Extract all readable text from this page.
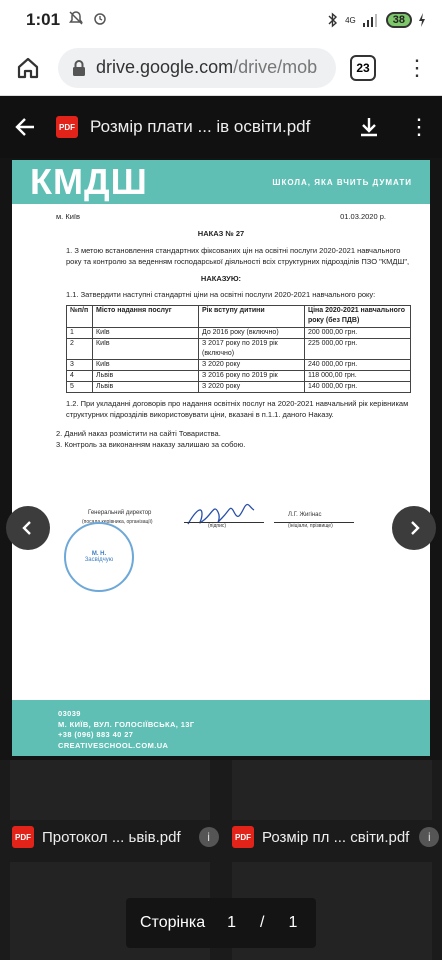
1:01
	4G	38
drive.google.com /drive/mob	23 ⋮
PDF Розмір плати ... ів освіти.pdf	⋮
КМДШ	ШКОЛА, ЯКА ВЧИТЬ ДУМАТИ
м. Київ	01.03.2020 р.
НАКАЗ № 27
1. З метою встановлення стандартних фіксованих цін на освітні послуги 2020-2021 навчального року та контролю за веденням господарської діяльності всіх структурних підрозділів ПЗО "КМДШ",
НАКАЗУЮ:
1.1. Затвердити наступні стандартні ціни на освітні послуги 2020-2021 навчального року:
№п/п	Місто надання послуг	Рік вступу дитини	Ціна 2020-2021 навчального року (без ПДВ)
1	Київ	До 2016 року (включно)	200 000,00 грн.
2	Київ	З 2017 року по 2019 рік (включно)	225 000,00 грн.
3	Київ	З 2020 року	240 000,00 грн.
4	Львів	З 2016 року по 2019 рік	118 000,00 грн.
5	Львів	З 2020 року	140 000,00 грн.
1.2. При укладанні договорів про надання освітніх послуг на 2020-2021 навчальний рік керівникам структурних підрозділів використовувати ціни, вказані в п.1.1. даного Наказу.
2. Даний наказ розмістити на сайті Товариства.
3. Контроль за виконанням наказу залишаю за собою.
Генеральний директор
(посада керівника, організації)
(підпис)
Л.Г. Жигінас
(ініціали, прізвище)
М. Н.
Засвідчую
03039
М. КИЇВ, ВУЛ. ГОЛОСІЇВСЬКА, 13Г
+38 (096) 883 40 27
CREATIVESCHOOL.COM.UA
PDF Протокол ... ьвів.pdf	i	PDF Розмір пл ... світи.pdf	i
Сторінка 1 / 1
